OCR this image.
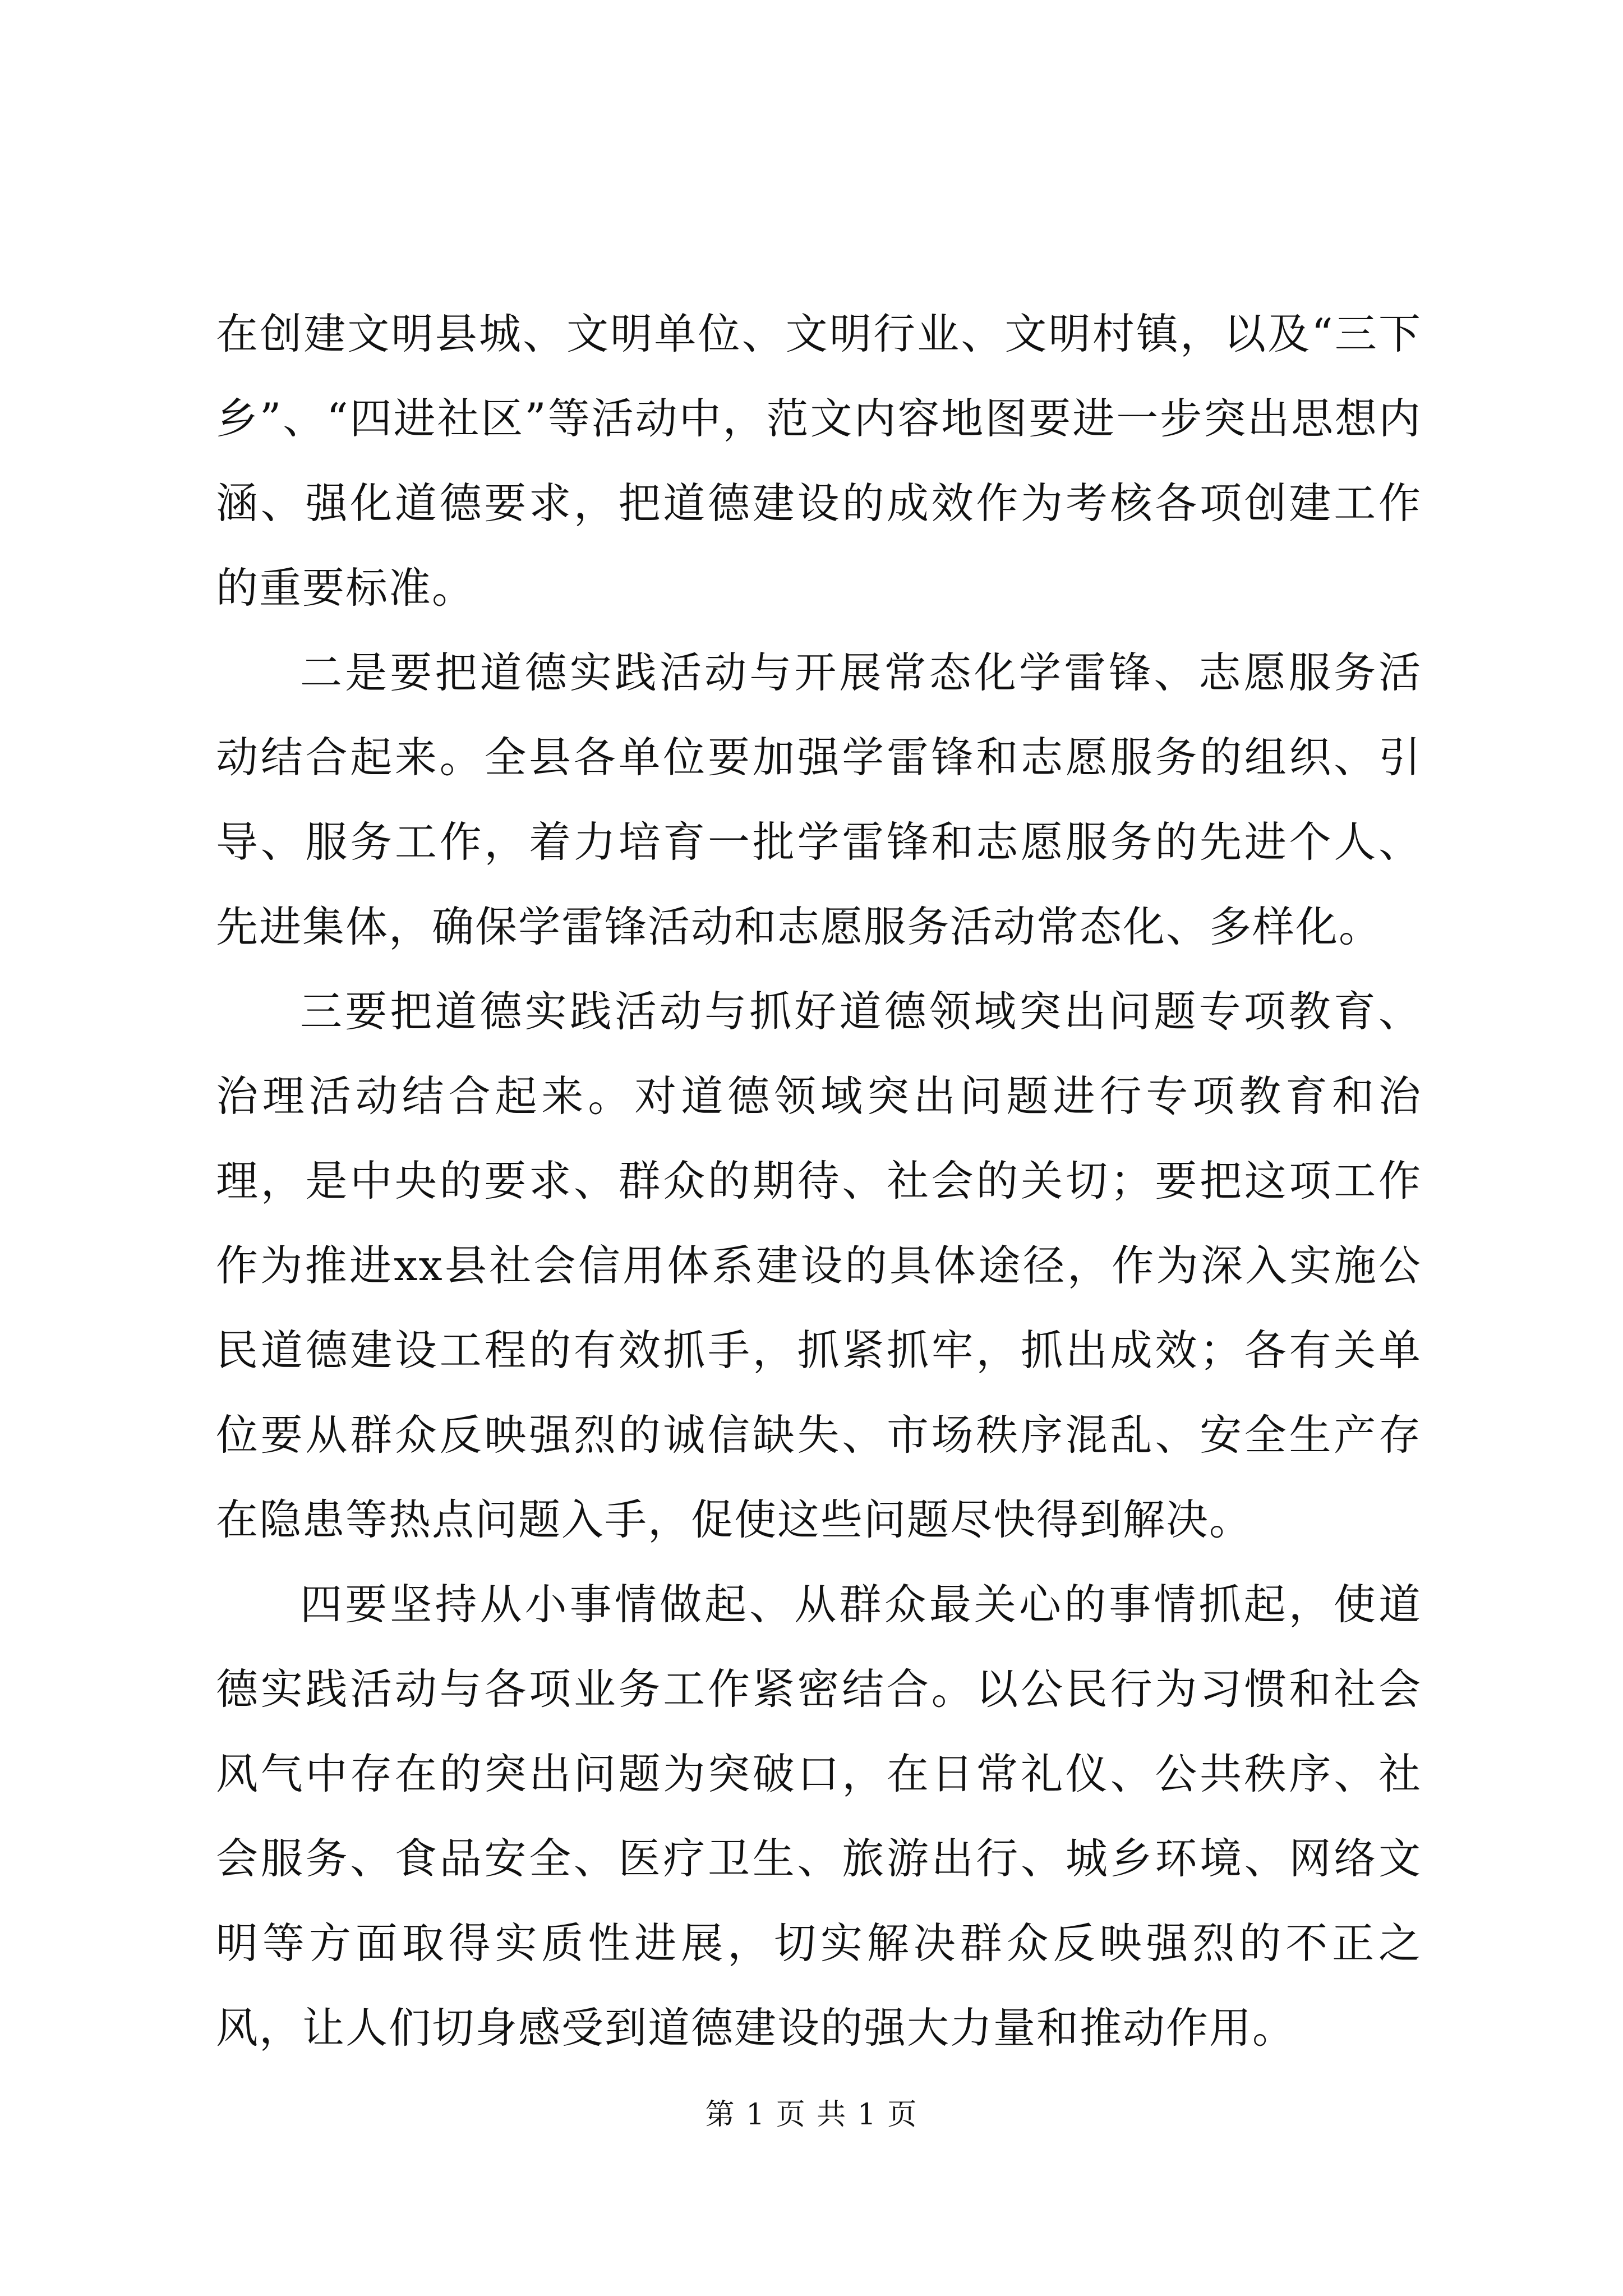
在创建文明县城、文明单位、文明行业、文明村镇，以及“三下乡”、“四进社区”等活动中，范文内容地图要进一步突出思想内涵、强化道德要求，把道德建设的成效作为考核各项创建工作的重要标准。

二是要把道德实践活动与开展常态化学雷锋、志愿服务活动结合起来。全县各单位要加强学雷锋和志愿服务的组织、引导、服务工作，着力培育一批学雷锋和志愿服务的先进个人、先进集体，确保学雷锋活动和志愿服务活动常态化、多样化。

三要把道德实践活动与抓好道德领域突出问题专项教育、治理活动结合起来。对道德领域突出问题进行专项教育和治理，是中央的要求、群众的期待、社会的关切；要把这项工作作为推进xx县社会信用体系建设的具体途径，作为深入实施公民道德建设工程的有效抓手，抓紧抓牢，抓出成效；各有关单位要从群众反映强烈的诚信缺失、市场秩序混乱、安全生产存在隐患等热点问题入手，促使这些问题尽快得到解决。

四要坚持从小事情做起、从群众最关心的事情抓起，使道德实践活动与各项业务工作紧密结合。以公民行为习惯和社会风气中存在的突出问题为突破口，在日常礼仪、公共秩序、社会服务、食品安全、医疗卫生、旅游出行、城乡环境、网络文明等方面取得实质性进展，切实解决群众反映强烈的不正之风，让人们切身感受到道德建设的强大力量和推动作用。

第 1 页 共 1 页
